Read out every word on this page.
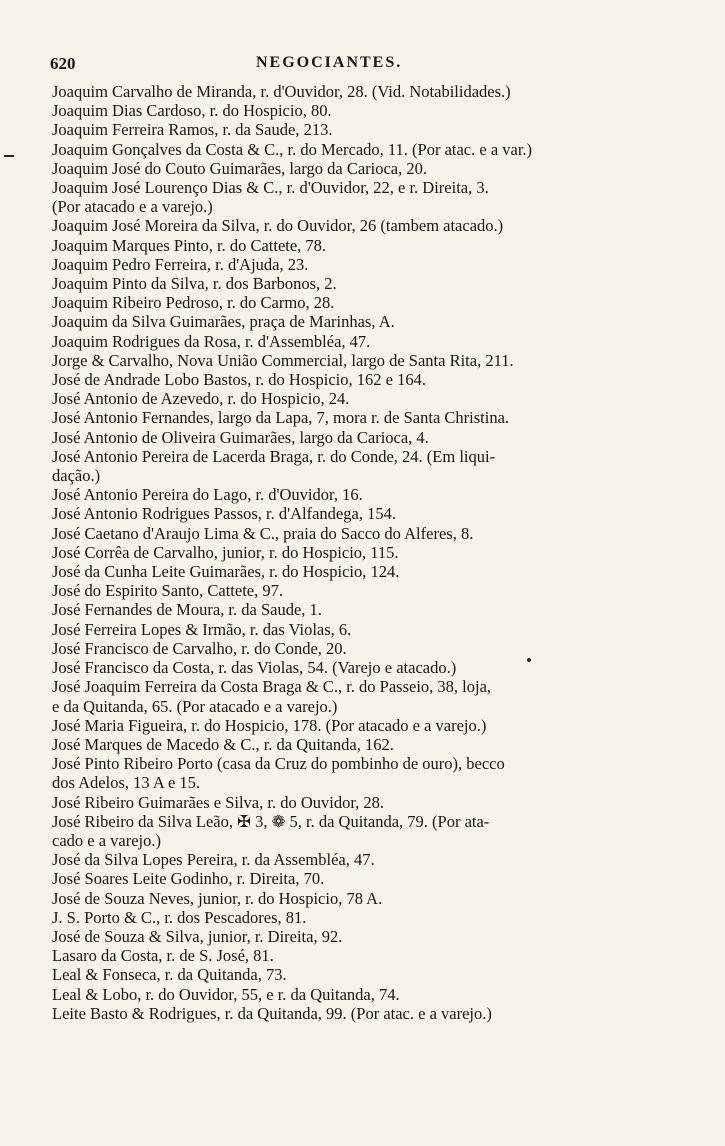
620	NEGOCIANTES.
Joaquim Carvalho de Miranda, r. d'Ouvidor, 28. (Vid. Notabilidades.)
Joaquim Dias Cardoso, r. do Hospicio, 80.
Joaquim Ferreira Ramos, r. da Saude, 213.
Joaquim Gonçalves da Costa & C., r. do Mercado, 11. (Por atac. e a var.)
Joaquim José do Couto Guimarães, largo da Carioca, 20.
Joaquim José Lourenço Dias & C., r. d'Ouvidor, 22, e r. Direita, 3.
(Por atacado e a varejo.)
Joaquim José Moreira da Silva, r. do Ouvidor, 26 (tambem atacado.)
Joaquim Marques Pinto, r. do Cattete, 78.
Joaquim Pedro Ferreira, r. d'Ajuda, 23.
Joaquim Pinto da Silva, r. dos Barbonos, 2.
Joaquim Ribeiro Pedroso, r. do Carmo, 28.
Joaquim da Silva Guimarães, praça de Marinhas, A.
Joaquim Rodrigues da Rosa, r. d'Assembléa, 47.
Jorge & Carvalho, Nova União Commercial, largo de Santa Rita, 211.
José de Andrade Lobo Bastos, r. do Hospicio, 162 e 164.
José Antonio de Azevedo, r. do Hospicio, 24.
José Antonio Fernandes, largo da Lapa, 7, mora r. de Santa Christina.
José Antonio de Oliveira Guimarães, largo da Carioca, 4.
José Antonio Pereira de Lacerda Braga, r. do Conde, 24. (Em liqui-
dação.)
José Antonio Pereira do Lago, r. d'Ouvidor, 16.
José Antonio Rodrigues Passos, r. d'Alfandega, 154.
José Caetano d'Araujo Lima & C., praia do Sacco do Alferes, 8.
José Corrêa de Carvalho, junior, r. do Hospicio, 115.
José da Cunha Leite Guimarães, r. do Hospicio, 124.
José do Espirito Santo, Cattete, 97.
José Fernandes de Moura, r. da Saude, 1.
José Ferreira Lopes & Irmão, r. das Violas, 6.
José Francisco de Carvalho, r. do Conde, 20.
José Francisco da Costa, r. das Violas, 54. (Varejo e atacado.)
José Joaquim Ferreira da Costa Braga & C., r. do Passeio, 38, loja,
e da Quitanda, 65. (Por atacado e a varejo.)
José Maria Figueira, r. do Hospicio, 178. (Por atacado e a varejo.)
José Marques de Macedo & C., r. da Quitanda, 162.
José Pinto Ribeiro Porto (casa da Cruz do pombinho de ouro), becco
dos Adelos, 13 A e 15.
José Ribeiro Guimarães e Silva, r. do Ouvidor, 28.
José Ribeiro da Silva Leão, ✠ 3, ❁ 5, r. da Quitanda, 79. (Por ata-
cado e a varejo.)
José da Silva Lopes Pereira, r. da Assembléa, 47.
José Soares Leite Godinho, r. Direita, 70.
José de Souza Neves, junior, r. do Hospicio, 78 A.
J. S. Porto & C., r. dos Pescadores, 81.
José de Souza & Silva, junior, r. Direita, 92.
Lasaro da Costa, r. de S. José, 81.
Leal & Fonseca, r. da Quitanda, 73.
Leal & Lobo, r. do Ouvidor, 55, e r. da Quitanda, 74.
Leite Basto & Rodrigues, r. da Quitanda, 99. (Por atac. e a varejo.)
